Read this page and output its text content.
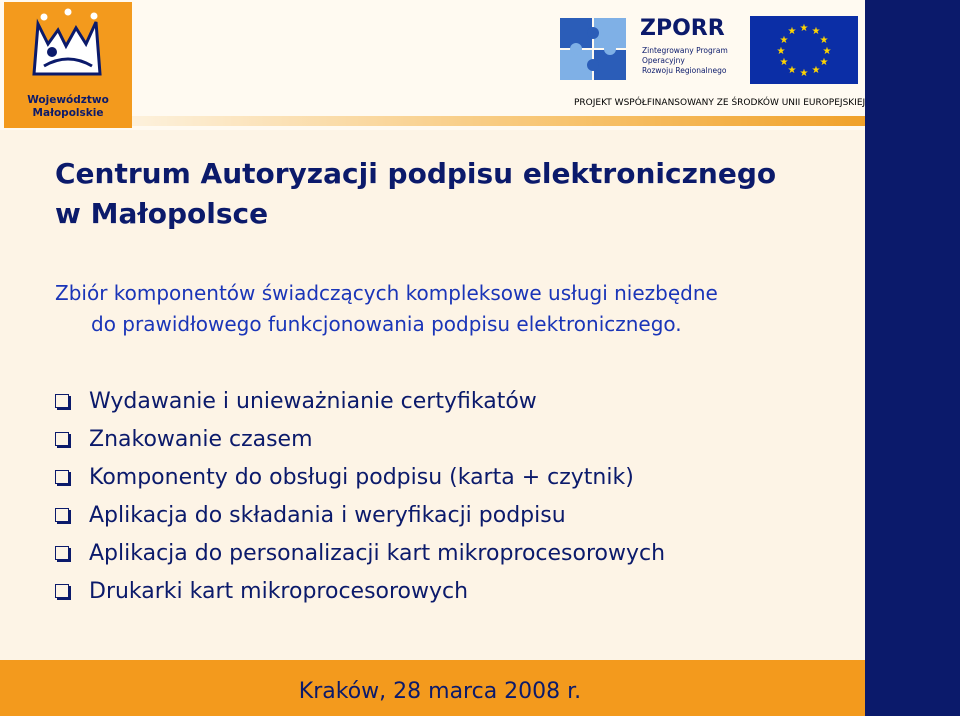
Województwo
Małopolskie
ZPORR
Zintegrowany Program
Operacyjny
Rozwoju Regionalnego
★ ★
★
★
★
★
★
★
★
★
★
★
PROJEKT WSPÓŁFINANSOWANY ZE ŚRODKÓW UNII EUROPEJSKIEJ
Centrum Autoryzacji podpisu elektronicznego
w Małopolsce
Zbiór komponentów świadczących kompleksowe usługi niezbędne
do prawidłowego funkcjonowania podpisu elektronicznego.
Wydawanie i unieważnianie certyfikatów
Znakowanie czasem
Komponenty do obsługi podpisu (karta + czytnik)
Aplikacja do składania i weryfikacji podpisu
Aplikacja do personalizacji kart mikroprocesorowych
Drukarki kart mikroprocesorowych
Kraków, 28 marca 2008 r.
